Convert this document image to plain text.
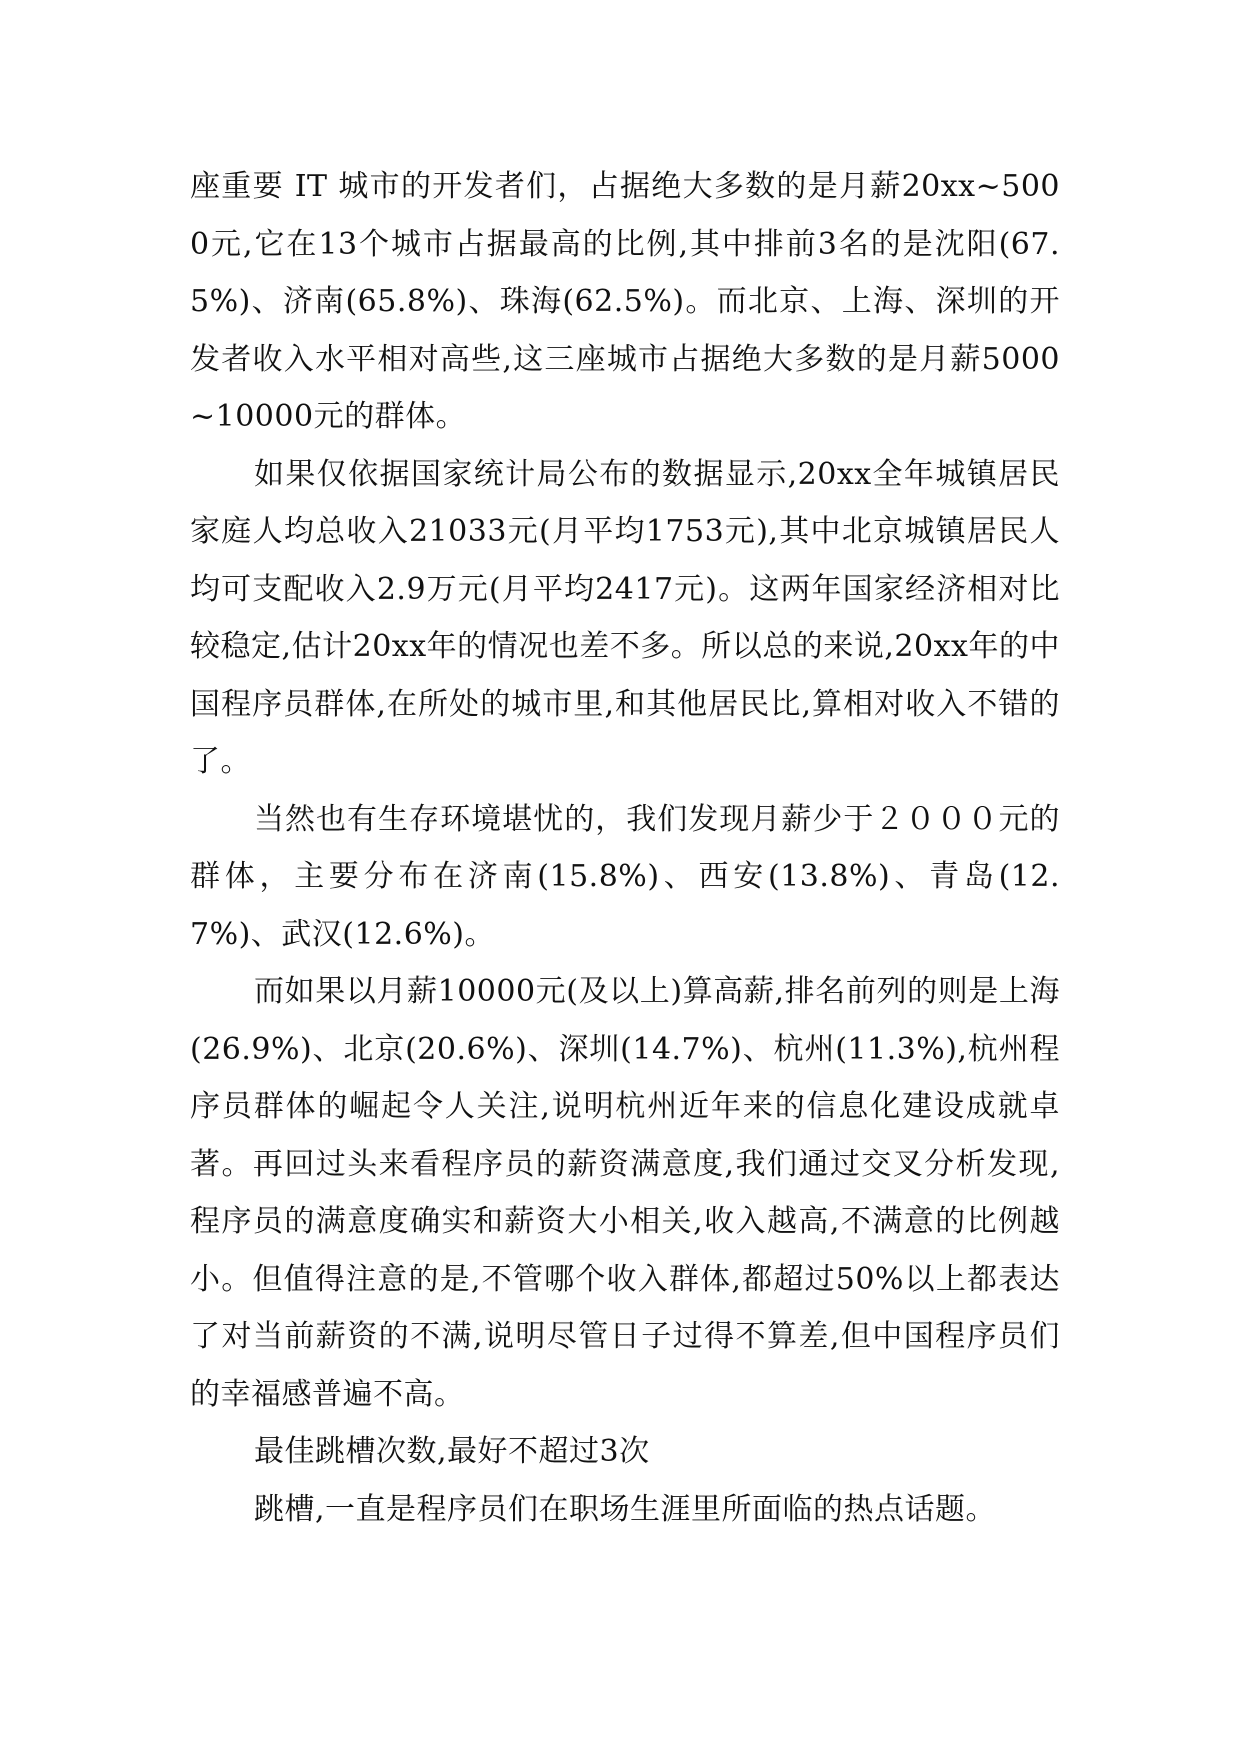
座重要 IT 城市的开发者们，占据绝大多数的是月薪20xx~5000元,它在13个城市占据最高的比例,其中排前3名的是沈阳(67.5%)、济南(65.8%)、珠海(62.5%)。而北京、上海、深圳的开发者收入水平相对高些,这三座城市占据绝大多数的是月薪5000~10000元的群体。

如果仅依据国家统计局公布的数据显示,20xx全年城镇居民家庭人均总收入21033元(月平均1753元),其中北京城镇居民人均可支配收入2.9万元(月平均2417元)。这两年国家经济相对比较稳定,估计20xx年的情况也差不多。所以总的来说,20xx年的中国程序员群体,在所处的城市里,和其他居民比,算相对收入不错的了。

当然也有生存环境堪忧的，我们发现月薪少于２０００元的群体，主要分布在济南(15.8%)、西安(13.8%)、青岛(12.7%)、武汉(12.6%)。

而如果以月薪10000元(及以上)算高薪,排名前列的则是上海(26.9%)、北京(20.6%)、深圳(14.7%)、杭州(11.3%),杭州程序员群体的崛起令人关注,说明杭州近年来的信息化建设成就卓著。再回过头来看程序员的薪资满意度,我们通过交叉分析发现,程序员的满意度确实和薪资大小相关,收入越高,不满意的比例越小。但值得注意的是,不管哪个收入群体,都超过50%以上都表达了对当前薪资的不满,说明尽管日子过得不算差,但中国程序员们的幸福感普遍不高。

最佳跳槽次数,最好不超过3次

跳槽,一直是程序员们在职场生涯里所面临的热点话题。
